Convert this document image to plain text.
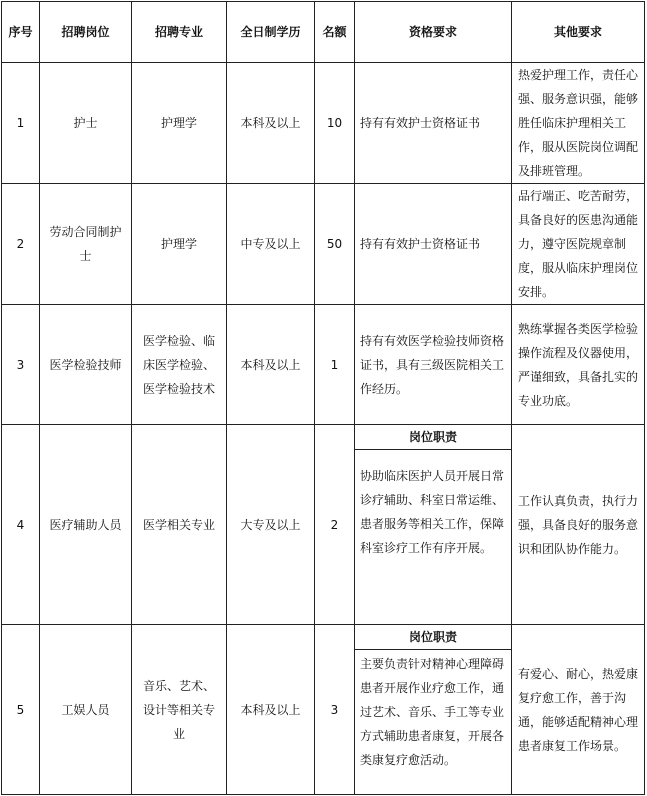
序号	招聘岗位	招聘专业	全日制学历	名额	资格要求	其他要求
1	护士	护理学	本科及以上	10	持有有效护士资格证书	热爱护理工作，责任心强、服务意识强，能够胜任临床护理相关工作，服从医院岗位调配及排班管理。
2	劳动合同制护士	护理学	中专及以上	50	持有有效护士资格证书	品行端正、吃苦耐劳，具备良好的医患沟通能力，遵守医院规章制度，服从临床护理岗位安排。
3	医学检验技师	医学检验、临床医学检验、医学检验技术	本科及以上	1	持有有效医学检验技师资格证书，具有三级医院相关工作经历。	熟练掌握各类医学检验操作流程及仪器使用，严谨细致，具备扎实的专业功底。
4	医疗辅助人员	医学相关专业	大专及以上	2	岗位职责
协助临床医护人员开展日常诊疗辅助、科室日常运维、患者服务等相关工作，保障科室诊疗工作有序开展。	工作认真负责，执行力强，具备良好的服务意识和团队协作能力。
5	工娱人员	音乐、艺术、设计等相关专业	本科及以上	3	岗位职责
主要负责针对精神心理障碍患者开展作业疗愈工作，通过艺术、音乐、手工等专业方式辅助患者康复，开展各类康复疗愈活动。	有爱心、耐心，热爱康复疗愈工作，善于沟通，能够适配精神心理患者康复工作场景。
